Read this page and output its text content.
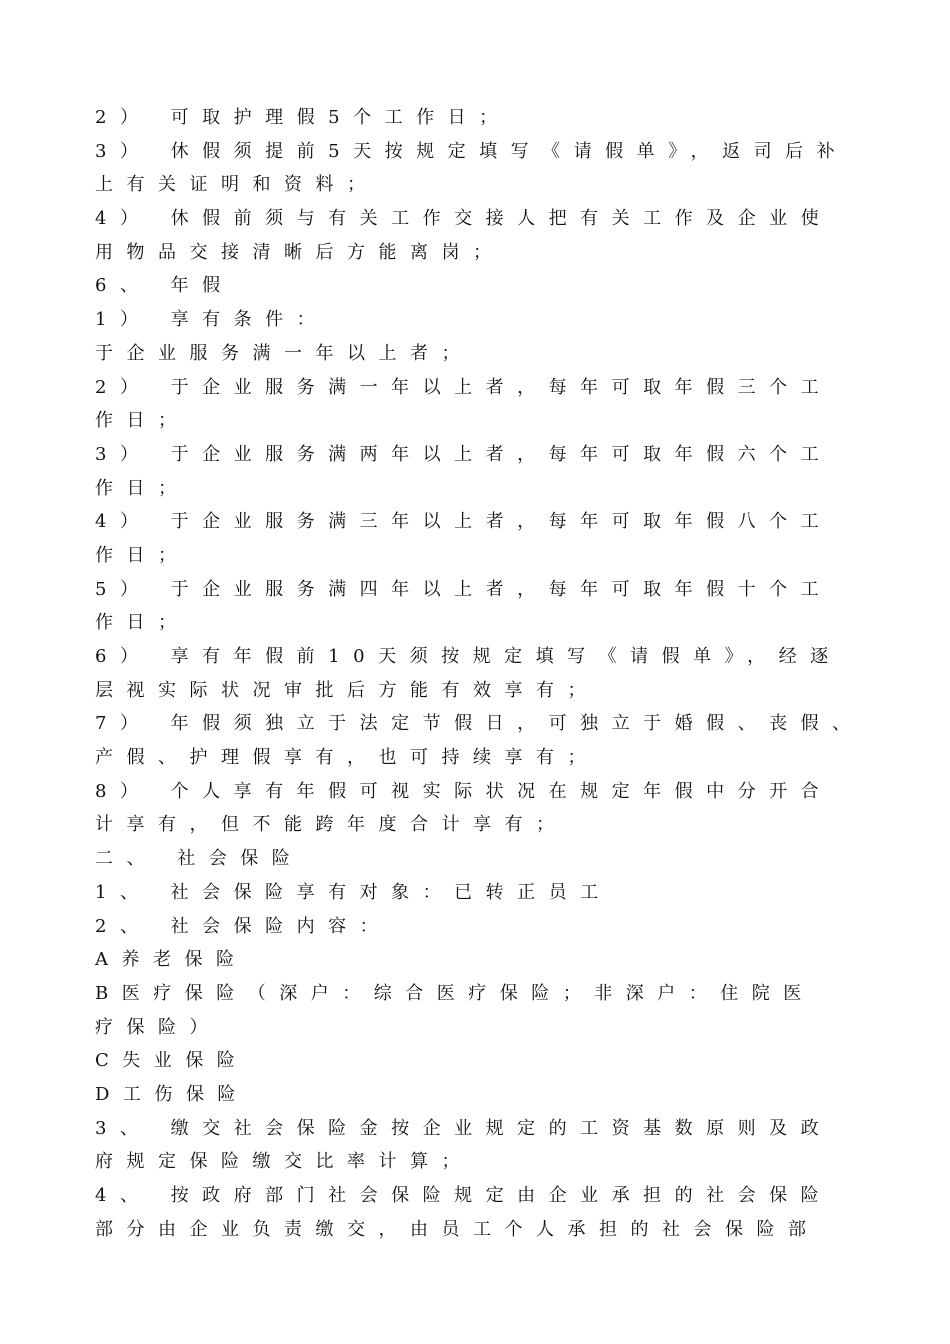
2） 可取护理假5个工作日；
3） 休假须提前5天按规定填写《请假单》，返司后补
上有关证明和资料；
4） 休假前须与有关工作交接人把有关工作及企业使
用物品交接清晰后方能离岗；
6、 年假
1） 享有条件：
于企业服务满一年以上者；
2） 于企业服务满一年以上者，每年可取年假三个工
作日；
3） 于企业服务满两年以上者，每年可取年假六个工
作日；
4） 于企业服务满三年以上者，每年可取年假八个工
作日；
5） 于企业服务满四年以上者，每年可取年假十个工
作日；
6） 享有年假前10天须按规定填写《请假单》，经逐
层视实际状况审批后方能有效享有；
7） 年假须独立于法定节假日，可独立于婚假、丧假、
产假、护理假享有，也可持续享有；
8） 个人享有年假可视实际状况在规定年假中分开合
计享有，但不能跨年度合计享有；
二、 社会保险
1、 社会保险享有对象：已转正员工
2、 社会保险内容：
A养老保险
B医疗保险（深户：综合医疗保险；非深户：住院医
疗保险）
C失业保险
D工伤保险
3、 缴交社会保险金按企业规定的工资基数原则及政
府规定保险缴交比率计算；
4、 按政府部门社会保险规定由企业承担的社会保险
部分由企业负责缴交，由员工个人承担的社会保险部
